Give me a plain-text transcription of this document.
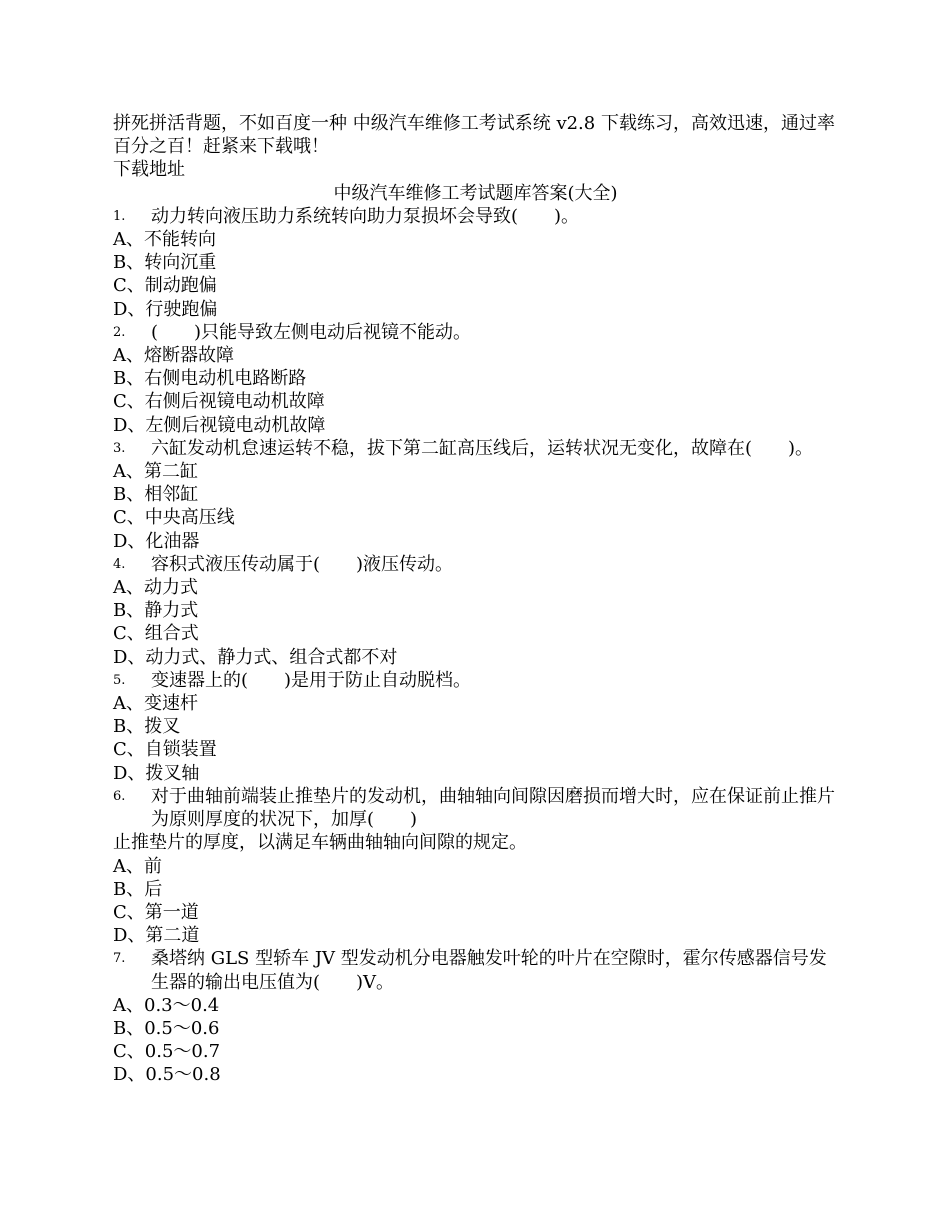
拼死拼活背题，不如百度一种 中级汽车维修工考试系统 v2.8 下载练习，高效迅速，通过率百分之百！赶紧来下载哦！

下载地址

中级汽车维修工考试题库答案(大全)

1.	动力转向液压助力系统转向助力泵损坏会导致(　　)。

A、不能转向

B、转向沉重

C、制动跑偏

D、行驶跑偏

2.	(　　)只能导致左侧电动后视镜不能动。

A、熔断器故障

B、右侧电动机电路断路

C、右侧后视镜电动机故障

D、左侧后视镜电动机故障

3.	六缸发动机怠速运转不稳，拔下第二缸高压线后，运转状况无变化，故障在(　　)。

A、第二缸

B、相邻缸

C、中央高压线

D、化油器

4.	容积式液压传动属于(　　)液压传动。

A、动力式

B、静力式

C、组合式

D、动力式、静力式、组合式都不对

5.	变速器上的(　　)是用于防止自动脱档。

A、变速杆

B、拨叉

C、自锁装置

D、拨叉轴

6.	对于曲轴前端装止推垫片的发动机，曲轴轴向间隙因磨损而增大时，应在保证前止推片为原则厚度的状况下，加厚(　　)

止推垫片的厚度，以满足车辆曲轴轴向间隙的规定。

A、前

B、后

C、第一道

D、第二道

7.	桑塔纳 GLS 型轿车 JV 型发动机分电器触发叶轮的叶片在空隙时，霍尔传感器信号发生器的输出电压值为(　　)V。

A、0.3～0.4

B、0.5～0.6

C、0.5～0.7

D、0.5～0.8
